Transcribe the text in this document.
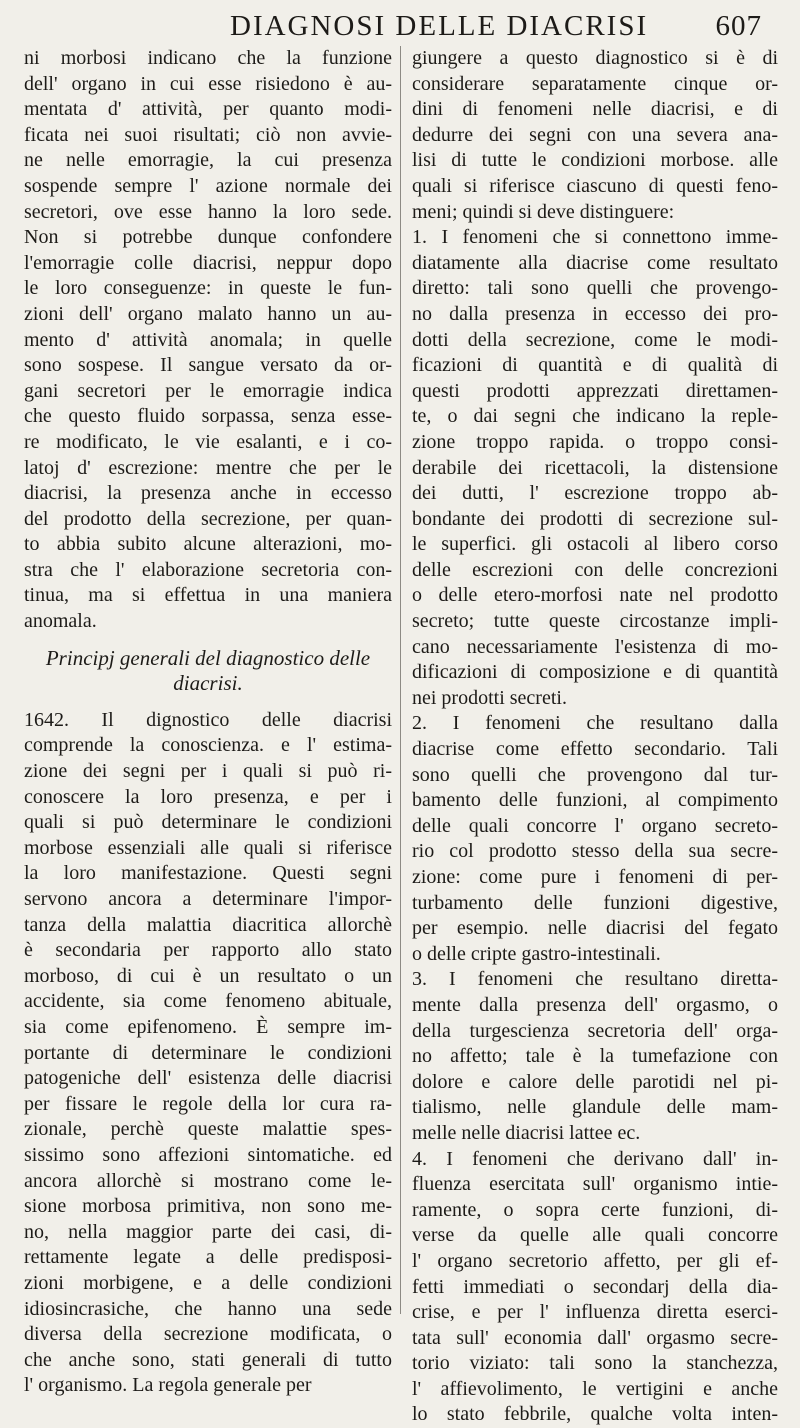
DIAGNOSI DELLE DIACRISI 607
ni morbosi indicano che la funzione
dell' organo in cui esse risiedono è au-
mentata d' attività, per quanto modi-
ficata nei suoi risultati; ciò non avvie-
ne nelle emorragie, la cui presenza
sospende sempre l' azione normale dei
secretori, ove esse hanno la loro sede.
Non si potrebbe dunque confondere
l'emorragie colle diacrisi, neppur dopo
le loro conseguenze: in queste le fun-
zioni dell' organo malato hanno un au-
mento d' attività anomala; in quelle
sono sospese. Il sangue versato da or-
gani secretori per le emorragie indica
che questo fluido sorpassa, senza esse-
re modificato, le vie esalanti, e i co-
latoj d' escrezione: mentre che per le
diacrisi, la presenza anche in eccesso
del prodotto della secrezione, per quan-
to abbia subito alcune alterazioni, mo-
stra che l' elaborazione secretoria con-
tinua, ma si effettua in una maniera
anomala.
Principj generali del diagnostico delle
diacrisi.
1642. Il dignostico delle diacrisi
comprende la conoscienza. e l' estima-
zione dei segni per i quali si può ri-
conoscere la loro presenza, e per i
quali si può determinare le condizioni
morbose essenziali alle quali si riferisce
la loro manifestazione. Questi segni
servono ancora a determinare l'impor-
tanza della malattia diacritica allorchè
è secondaria per rapporto allo stato
morboso, di cui è un resultato o un
accidente, sia come fenomeno abituale,
sia come epifenomeno. È sempre im-
portante di determinare le condizioni
patogeniche dell' esistenza delle diacrisi
per fissare le regole della lor cura ra-
zionale, perchè queste malattie spes-
sissimo sono affezioni sintomatiche. ed
ancora allorchè si mostrano come le-
sione morbosa primitiva, non sono me-
no, nella maggior parte dei casi, di-
rettamente legate a delle predisposi-
zioni morbigene, e a delle condizioni
idiosincrasiche, che hanno una sede
diversa della secrezione modificata, o
che anche sono, stati generali di tutto
l' organismo. La regola generale per
giungere a questo diagnostico si è di
considerare separatamente cinque or-
dini di fenomeni nelle diacrisi, e di
dedurre dei segni con una severa ana-
lisi di tutte le condizioni morbose. alle
quali si riferisce ciascuno di questi feno-
meni; quindi si deve distinguere:
1. I fenomeni che si connettono imme-
diatamente alla diacrise come resultato
diretto: tali sono quelli che provengo-
no dalla presenza in eccesso dei pro-
dotti della secrezione, come le modi-
ficazioni di quantità e di qualità di
questi prodotti apprezzati direttamen-
te, o dai segni che indicano la reple-
zione troppo rapida. o troppo consi-
derabile dei ricettacoli, la distensione
dei dutti, l' escrezione troppo ab-
bondante dei prodotti di secrezione sul-
le superfici. gli ostacoli al libero corso
delle escrezioni con delle concrezioni
o delle etero-morfosi nate nel prodotto
secreto; tutte queste circostanze impli-
cano necessariamente l'esistenza di mo-
dificazioni di composizione e di quantità
nei prodotti secreti.
2. I fenomeni che resultano dalla
diacrise come effetto secondario. Tali
sono quelli che provengono dal tur-
bamento delle funzioni, al compimento
delle quali concorre l' organo secreto-
rio col prodotto stesso della sua secre-
zione: come pure i fenomeni di per-
turbamento delle funzioni digestive,
per esempio. nelle diacrisi del fegato
o delle cripte gastro-intestinali.
3. I fenomeni che resultano diretta-
mente dalla presenza dell' orgasmo, o
della turgescienza secretoria dell' orga-
no affetto; tale è la tumefazione con
dolore e calore delle parotidi nel pi-
tialismo, nelle glandule delle mam-
melle nelle diacrisi lattee ec.
4. I fenomeni che derivano dall' in-
fluenza esercitata sull' organismo intie-
ramente, o sopra certe funzioni, di-
verse da quelle alle quali concorre
l' organo secretorio affetto, per gli ef-
fetti immediati o secondarj della dia-
crise, e per l' influenza diretta eserci-
tata sull' economia dall' orgasmo secre-
torio viziato: tali sono la stanchezza,
l' affievolimento, le vertigini e anche
lo stato febbrile, qualche volta inten-
